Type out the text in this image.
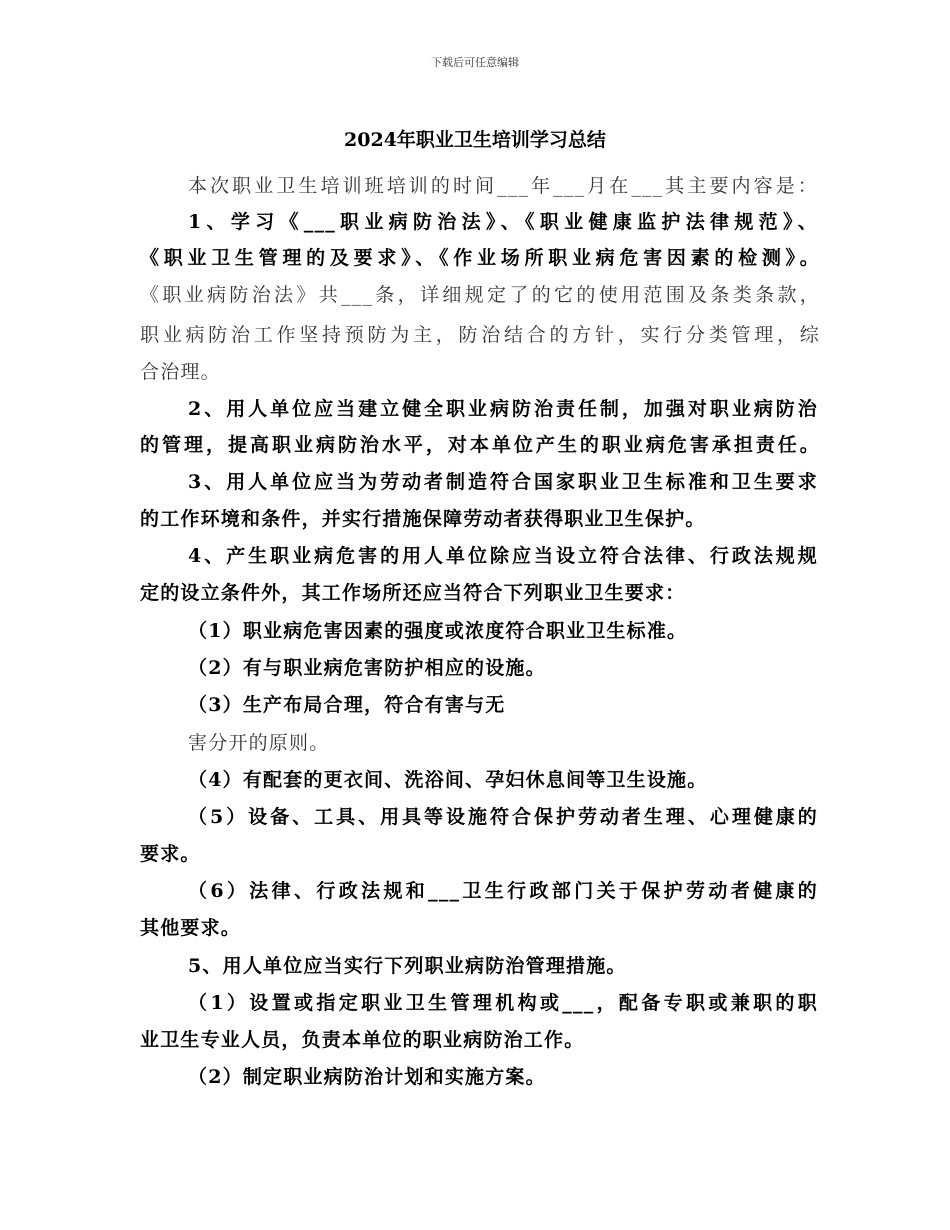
下载后可任意编辑
2024年职业卫生培训学习总结
本次职业卫生培训班培训的时间___年___月在___其主要内容是：
1、学习《___职业病防治法》、《职业健康监护法律规范》、
《职业卫生管理的及要求》、《作业场所职业病危害因素的检测》。
《职业病防治法》共___条，详细规定了的它的使用范围及条类条款，
职业病防治工作坚持预防为主，防治结合的方针，实行分类管理，综
合治理。
2、用人单位应当建立健全职业病防治责任制，加强对职业病防治
的管理，提高职业病防治水平，对本单位产生的职业病危害承担责任。
3、用人单位应当为劳动者制造符合国家职业卫生标准和卫生要求
的工作环境和条件，并实行措施保障劳动者获得职业卫生保护。
4、产生职业病危害的用人单位除应当设立符合法律、行政法规规
定的设立条件外，其工作场所还应当符合下列职业卫生要求：
（1）职业病危害因素的强度或浓度符合职业卫生标准。
（2）有与职业病危害防护相应的设施。
（3）生产布局合理，符合有害与无
害分开的原则。
（4）有配套的更衣间、洗浴间、孕妇休息间等卫生设施。
（5）设备、工具、用具等设施符合保护劳动者生理、心理健康的
要求。
（6）法律、行政法规和___卫生行政部门关于保护劳动者健康的
其他要求。
5、用人单位应当实行下列职业病防治管理措施。
（1）设置或指定职业卫生管理机构或___，配备专职或兼职的职
业卫生专业人员，负责本单位的职业病防治工作。
（2）制定职业病防治计划和实施方案。
